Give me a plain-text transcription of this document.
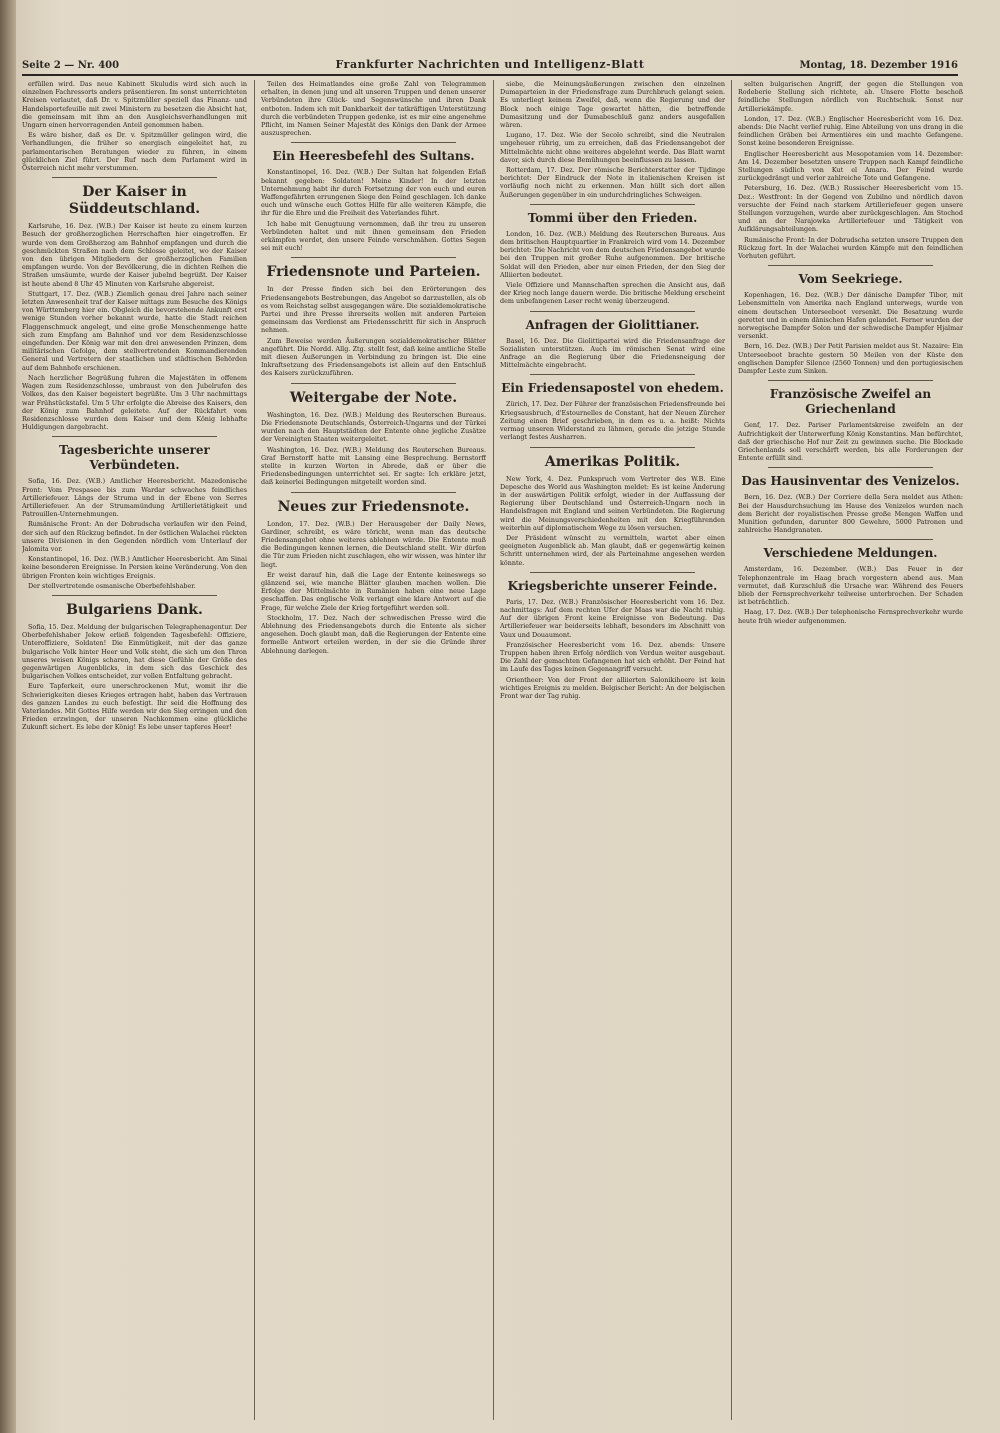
Seite 2 — Nr. 400	Frankfurter Nachrichten und Intelligenz-Blatt	Montag, 18. Dezember 1916

erfüllen wird. Das neue Kabinett Skuludis wird sich auch in einzelnen Fachressorts anders präsentieren. Im sonst unterrichteten Kreisen verlautet, daß Dr. v. Spitzmüller speziell das Finanz- und Handelsportefeuille mit zwei Ministern zu besetzen die Absicht hat, die gemeinsam mit ihm an den Ausgleichsverhandlungen mit Ungarn einen hervorragenden Anteil genommen haben.

Es wäre bisher, daß es Dr. v. Spitzmüller gelingen wird, die Verhandlungen, die früher so energisch eingeleitet hat, zu parlamentarischen Beratungen wieder zu führen, in einem glücklichen Ziel führt. Der Ruf nach dem Parlament wird in Österreich nicht mehr verstummen.

Der Kaiser in Süddeutschland.

Karlsruhe, 16. Dez. (W.B.) Der Kaiser ist heute zu einem kurzen Besuch der großherzoglichen Herrschaften hier eingetroffen. Er wurde von dem Großherzog am Bahnhof empfangen und durch die geschmückten Straßen nach dem Schlosse geleitet, wo der Kaiser von den übrigen Mitgliedern der großherzoglichen Familien empfangen wurde. Von der Bevölkerung, die in dichten Reihen die Straßen umsäumte, wurde der Kaiser jubelnd begrüßt. Der Kaiser ist heute abend 8 Uhr 45 Minuten von Karlsruhe abgereist.

Stuttgart, 17. Dez. (W.B.) Ziemlich genau drei Jahre nach seiner letzten Anwesenheit traf der Kaiser mittags zum Besuche des Königs von Württemberg hier ein. Obgleich die bevorstehende Ankunft erst wenige Stunden vorher bekannt wurde, hatte die Stadt reichen Flaggenschmuck angelegt, und eine große Menschenmenge hatte sich zum Empfang am Bahnhof und vor dem Residenzschlosse eingefunden. Der König war mit den drei anwesenden Prinzen, dem militärischen Gefolge, dem stellvertretenden Kommandierenden General und Vertretern der staatlichen und städtischen Behörden auf dem Bahnhofe erschienen.

Nach herzlicher Begrüßung fuhren die Majestäten in offenem Wagen zum Residenzschlosse, umbraust von den Jubelrufen des Volkes, das den Kaiser begeistert begrüßte. Um 3 Uhr nachmittags war Frühstückstafel. Um 5 Uhr erfolgte die Abreise des Kaisers, den der König zum Bahnhof geleitete. Auf der Rückfahrt vom Residenzschlosse wurden dem Kaiser und dem König lebhafte Huldigungen dargebracht.

Tagesberichte unserer Verbündeten.

Sofia, 16. Dez. (W.B.) Amtlicher Heeresbericht. Mazedonische Front: Vom Prespasee bis zum Wardar schwaches feindliches Artilleriefeuer. Längs der Struma und in der Ebene von Serres Artilleriefeuer. An der Strumamündung Artillerietätigkeit und Patrouillen-Unternehmungen.

Rumänische Front: An der Dobrudscha verlaufen wir den Feind, der sich auf den Rückzug befindet. In der östlichen Walachei rückten unsere Divisionen in den Gegenden nördlich vom Unterlauf der Jalomita vor.

Konstantinopel, 16. Dez. (W.B.) Amtlicher Heeresbericht. Am Sinai keine besonderen Ereignisse. In Persien keine Veränderung. Von den übrigen Fronten kein wichtiges Ereignis.

Der stellvertretende osmanische Oberbefehlshaber.

Bulgariens Dank.

Sofia, 15. Dez. Meldung der bulgarischen Telegraphenagentur. Der Oberbefehlshaber Jekow erließ folgenden Tagesbefehl: Offiziere, Unteroffiziere, Soldaten! Die Einmütigkeit, mit der das ganze bulgarische Volk hinter Heer und Volk steht, die sich um den Thron unseres weisen Königs scharen, hat diese Gefühle der Größe des gegenwärtigen Augenblicks, in dem sich das Geschick des bulgarischen Volkes entscheidet, zur vollen Entfaltung gebracht.

Eure Tapferkeit, eure unerschrockenen Mut, womit ihr die Schwierigkeiten dieses Krieges ertragen habt, haben das Vertrauen des ganzen Landes zu euch befestigt. Ihr seid die Hoffnung des Vaterlandes. Mit Gottes Hilfe werden wir den Sieg erringen und den Frieden erzwingen, der unseren Nachkommen eine glückliche Zukunft sichert. Es lebe der König! Es lebe unser tapferes Heer!

Teilen des Heimatlandes eine große Zahl von Telegrammen erhalten, in denen jung und alt unseren Truppen und denen unserer Verbündeten ihre Glück- und Segenswünsche und ihren Dank entboten. Indem ich mit Dankbarkeit der tatkräftigen Unterstützung durch die verbündeten Truppen gedenke, ist es mir eine angenehme Pflicht, im Namen Seiner Majestät des Königs den Dank der Armee auszusprechen.

Ein Heeresbefehl des Sultans.

Konstantinopel, 16. Dez. (W.B.) Der Sultan hat folgenden Erlaß bekannt gegeben: Soldaten! Meine Kinder! In der letzten Unternehmung habt ihr durch Fortsetzung der von euch und euren Waffengefährten errungenen Siege den Feind geschlagen. Ich danke euch und wünsche euch Gottes Hilfe für alle weiteren Kämpfe, die ihr für die Ehre und die Freiheit des Vaterlandes führt.

Ich habe mit Genugtuung vernommen, daß ihr treu zu unseren Verbündeten haltet und mit ihnen gemeinsam den Frieden erkämpfen werdet, den unsere Feinde verschmähen. Gottes Segen sei mit euch!

Friedensnote und Parteien.

In der Presse finden sich bei den Erörterungen des Friedensangebots Bestrebungen, das Angebot so darzustellen, als ob es vom Reichstag selbst ausgegangen wäre. Die sozialdemokratische Partei und ihre Presse ihrerseits wollen mit anderen Parteien gemeinsam das Verdienst am Friedensschritt für sich in Anspruch nehmen.

Zum Beweise werden Äußerungen sozialdemokratischer Blätter angeführt. Die Nordd. Allg. Ztg. stellt fest, daß keine amtliche Stelle mit diesen Äußerungen in Verbindung zu bringen ist. Die eine Inkraftsetzung des Friedensangebots ist allein auf den Entschluß des Kaisers zurückzuführen.

Weitergabe der Note.

Washington, 16. Dez. (W.B.) Meldung des Reuterschen Bureaus. Die Friedensnote Deutschlands, Österreich-Ungarns und der Türkei wurden nach den Hauptstädten der Entente ohne jegliche Zusätze der Vereinigten Staaten weitergeleitet.

Washington, 16. Dez. (W.B.) Meldung des Reuterschen Bureaus. Graf Bernstorff hatte mit Lansing eine Besprechung. Bernstorff stellte in kurzen Worten in Abrede, daß er über die Friedensbedingungen unterrichtet sei. Er sagte: Ich erkläre jetzt, daß keinerlei Bedingungen mitgeteilt worden sind.

Neues zur Friedensnote.

London, 17. Dez. (W.B.) Der Herausgeber der Daily News, Gardiner, schreibt, es wäre töricht, wenn man das deutsche Friedensangebot ohne weiteres ablehnen würde. Die Entente muß die Bedingungen kennen lernen, die Deutschland stellt. Wir dürfen die Tür zum Frieden nicht zuschlagen, ehe wir wissen, was hinter ihr liegt.

Er weist darauf hin, daß die Lage der Entente keineswegs so glänzend sei, wie manche Blätter glauben machen wollen. Die Erfolge der Mittelmächte in Rumänien haben eine neue Lage geschaffen. Das englische Volk verlangt eine klare Antwort auf die Frage, für welche Ziele der Krieg fortgeführt werden soll.

Stockholm, 17. Dez. Nach der schwedischen Presse wird die Ablehnung des Friedensangebots durch die Entente als sicher angesehen. Doch glaubt man, daß die Regierungen der Entente eine formelle Antwort erteilen werden, in der sie die Gründe ihrer Ablehnung darlegen.

siebe, die Meinungsäußerungen zwischen den einzelnen Dumaparteien in der Friedensfrage zum Durchbruch gelangt seien. Es unterliegt keinem Zweifel, daß, wenn die Regierung und der Block noch einige Tage gewartet hätten, die betreffende Dumasitzung und der Dumabeschluß ganz anders ausgefallen wären.

Lugano, 17. Dez. Wie der Secolo schreibt, sind die Neutralen ungeheuer rührig, um zu erreichen, daß das Friedensangebot der Mittelmächte nicht ohne weiteres abgelehnt werde. Das Blatt warnt davor, sich durch diese Bemühungen beeinflussen zu lassen.

Rotterdam, 17. Dez. Der römische Berichterstatter der Tijdinge berichtet: Der Eindruck der Note in italienischen Kreisen ist vorläufig noch nicht zu erkennen. Man hüllt sich dort allen Äußerungen gegenüber in ein undurchdringliches Schweigen.

Tommi über den Frieden.

London, 16. Dez. (W.B.) Meldung des Reuterschen Bureaus. Aus dem britischen Hauptquartier in Frankreich wird vom 14. Dezember berichtet: Die Nachricht von dem deutschen Friedensangebot wurde bei den Truppen mit großer Ruhe aufgenommen. Der britische Soldat will den Frieden, aber nur einen Frieden, der den Sieg der Alliierten bedeutet.

Viele Offiziere und Mannschaften sprechen die Ansicht aus, daß der Krieg noch lange dauern werde. Die britische Meldung erscheint dem unbefangenen Leser recht wenig überzeugend.

Anfragen der Giolittianer.

Basel, 16. Dez. Die Giolittipartei wird die Friedensanfrage der Sozialisten unterstützen. Auch im römischen Senat wird eine Anfrage an die Regierung über die Friedensneigung der Mittelmächte eingebracht.

Ein Friedensapostel von ehedem.

Zürich, 17. Dez. Der Führer der französischen Friedensfreunde bei Kriegsausbruch, d'Estournelles de Constant, hat der Neuen Zürcher Zeitung einen Brief geschrieben, in dem es u. a. heißt: Nichts vermag unseren Widerstand zu lähmen, gerade die jetzige Stunde verlangt festes Ausharren.

Amerikas Politik.

New York, 4. Dez. Funkspruch vom Vertreter des W.B. Eine Depesche des World aus Washington meldet: Es ist keine Änderung in der auswärtigen Politik erfolgt, wieder in der Auffassung der Regierung über Deutschland und Österreich-Ungarn noch in Handelsfragen mit England und seinen Verbündeten. Die Regierung wird die Meinungsverschiedenheiten mit den Kriegführenden weiterhin auf diplomatischem Wege zu lösen versuchen.

Der Präsident wünscht zu vermitteln, wartet aber einen geeigneten Augenblick ab. Man glaubt, daß er gegenwärtig keinen Schritt unternehmen wird, der als Parteinahme angesehen werden könnte.

Kriegsberichte unserer Feinde.

Paris, 17. Dez. (W.B.) Französischer Heeresbericht vom 16. Dez. nachmittags: Auf dem rechten Ufer der Maas war die Nacht ruhig. Auf der übrigen Front keine Ereignisse von Bedeutung. Das Artilleriefeuer war beiderseits lebhaft, besonders im Abschnitt von Vaux und Douaumont.

Französischer Heeresbericht vom 16. Dez. abends: Unsere Truppen haben ihren Erfolg nördlich von Verdun weiter ausgebaut. Die Zahl der gemachten Gefangenen hat sich erhöht. Der Feind hat im Laufe des Tages keinen Gegenangriff versucht.

Orientheer: Von der Front der alliierten Salonikiheere ist kein wichtiges Ereignis zu melden. Belgischer Bericht: An der belgischen Front war der Tag ruhig.

selten bulgarischen Angriff, der gegen die Stellungen von Rodeberie Stellung sich richtete, ab. Unsere Flotte beschoß feindliche Stellungen nördlich von Ruchtschuk. Sonst nur Artilleriekämpfe.

London, 17. Dez. (W.B.) Englischer Heeresbericht vom 16. Dez. abends: Die Nacht verlief ruhig. Eine Abteilung von uns drang in die feindlichen Gräben bei Armentières ein und machte Gefangene. Sonst keine besonderen Ereignisse.

Englischer Heeresbericht aus Mesopotamien vom 14. Dezember: Am 14. Dezember besetzten unsere Truppen nach Kampf feindliche Stellungen südlich von Kut el Amara. Der Feind wurde zurückgedrängt und verlor zahlreiche Tote und Gefangene.

Petersburg, 16. Dez. (W.B.) Russischer Heeresbericht vom 15. Dez.: Westfront: In der Gegend von Zubilno und nördlich davon versuchte der Feind nach starkem Artilleriefeuer gegen unsere Stellungen vorzugehen, wurde aber zurückgeschlagen. Am Stochod und an der Narajowka Artilleriefeuer und Tätigkeit von Aufklärungsabteilungen.

Rumänische Front: In der Dobrudscha setzten unsere Truppen den Rückzug fort. In der Walachei wurden Kämpfe mit den feindlichen Vorhuten geführt.

Vom Seekriege.

Kopenhagen, 16. Dez. (W.B.) Der dänische Dampfer Tibor, mit Lebensmitteln von Amerika nach England unterwegs, wurde von einem deutschen Unterseeboot versenkt. Die Besatzung wurde gerettet und in einem dänischen Hafen gelandet. Ferner wurden der norwegische Dampfer Solon und der schwedische Dampfer Hjalmar versenkt.

Bern, 16. Dez. (W.B.) Der Petit Parisien meldet aus St. Nazaire: Ein Unterseeboot brachte gestern 50 Meilen von der Küste den englischen Dampfer Silence (2560 Tonnen) und den portugiesischen Dampfer Leste zum Sinken.

Französische Zweifel an Griechenland

Genf, 17. Dez. Pariser Parlamentskreise zweifeln an der Aufrichtigkeit der Unterwerfung König Konstantins. Man befürchtet, daß der griechische Hof nur Zeit zu gewinnen suche. Die Blockade Griechenlands soll verschärft werden, bis alle Forderungen der Entente erfüllt sind.

Das Hausinventar des Venizelos.

Bern, 16. Dez. (W.B.) Der Corriere della Sera meldet aus Athen: Bei der Hausdurchsuchung im Hause des Venizelos wurden nach dem Bericht der royalistischen Presse große Mengen Waffen und Munition gefunden, darunter 800 Gewehre, 5000 Patronen und zahlreiche Handgranaten.

Verschiedene Meldungen.

Amsterdam, 16. Dezember. (W.B.) Das Feuer in der Telephonzentrale im Haag brach vorgestern abend aus. Man vermutet, daß Kurzschluß die Ursache war. Während des Feuers blieb der Fernsprechverkehr teilweise unterbrochen. Der Schaden ist beträchtlich.

Haag, 17. Dez. (W.B.) Der telephonische Fernsprechverkehr wurde heute früh wieder aufgenommen.
